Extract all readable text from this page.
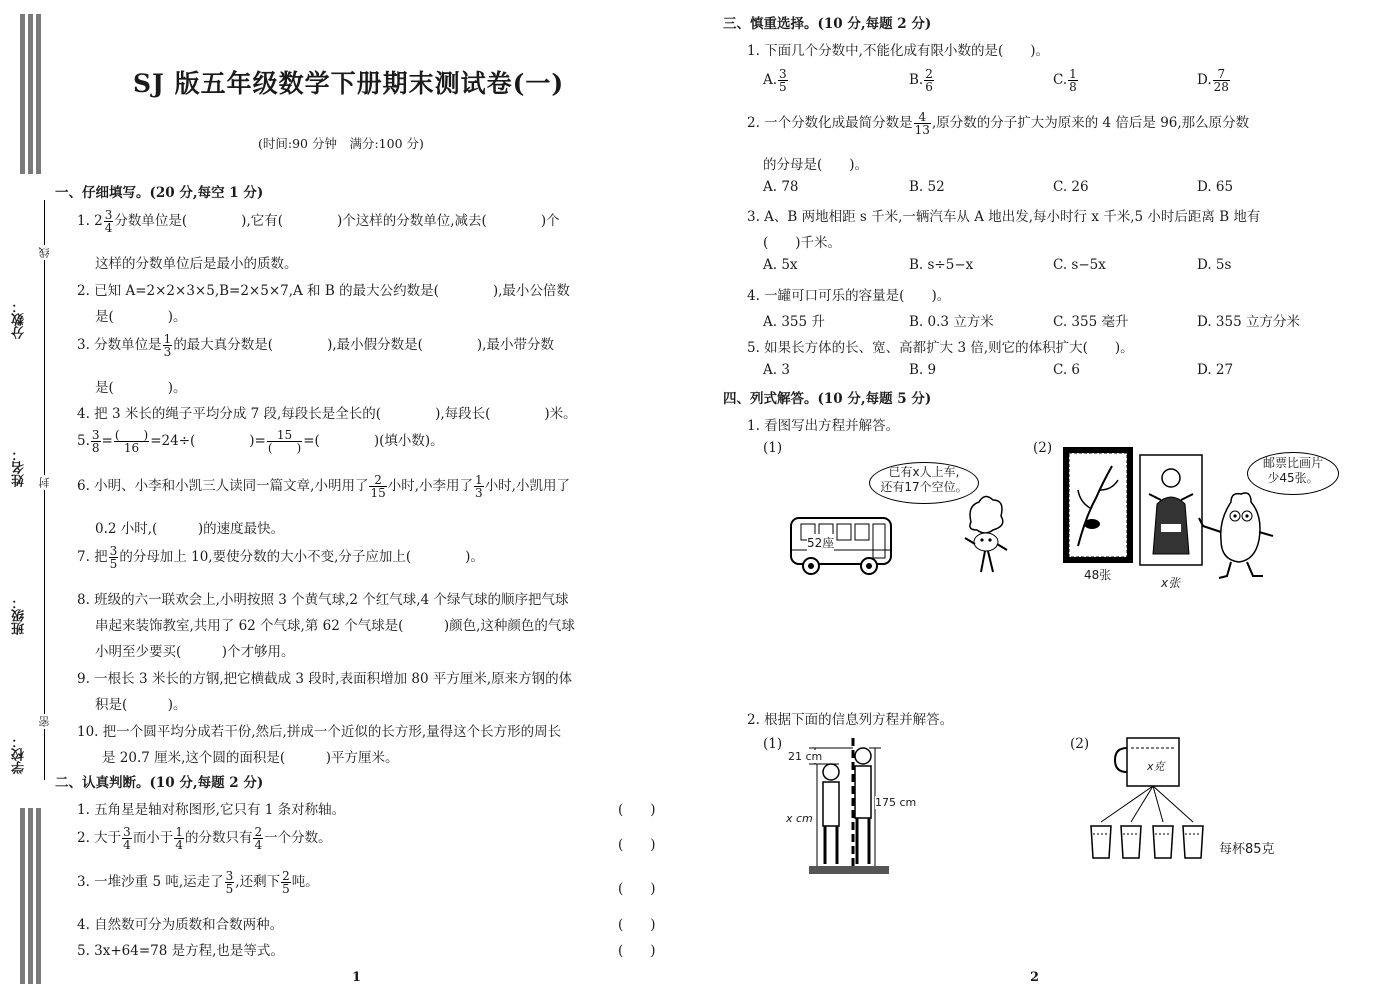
分数：
姓名：
班级：
学校：
线
封
密
SJ 版五年级数学下册期末测试卷(一)
(时间:90 分钟　满分:100 分)
一、仔细填写。(20 分,每空 1 分)
1. $2 \frac{3}{4}$ 分数单位是(　　　　),它有(　　　　)个这样的分数单位,减去(　　　　)个
这样的分数单位后是最小的质数。
2. 已知 A=2×2×3×5,B=2×5×7,A 和 B 的最大公约数是(　　　　),最小公倍数
是(　　　　)。
3. 分数单位是 $\frac{1}{3}$ 的最大真分数是(　　　　),最小假分数是(　　　　),最小带分数
是(　　　　)。
4. 把 3 米长的绳子平均分成 7 段,每段长是全长的(　　　　),每段长(　　　　)米。
5. $\frac{3}{8} = \frac{( )}{16} =24\div$(　　　　)= $\frac{15}{( )}$ =(　　　　)(填小数)。
6. 小明、小李和小凯三人读同一篇文章,小明用了 $\frac{2}{15}$ 小时,小李用了 $\frac{1}{3}$ 小时,小凯用了
0.2 小时,(　　　)的速度最快。
7. 把 $\frac{3}{5}$ 的分母加上 10,要使分数的大小不变,分子应加上(　　　　)。
8. 班级的六一联欢会上,小明按照 3 个黄气球,2 个红气球,4 个绿气球的顺序把气球
串起来装饰教室,共用了 62 个气球,第 62 个气球是(　　　)颜色,这种颜色的气球
小明至少要买(　　　)个才够用。
9. 一根长 3 米长的方钢,把它横截成 3 段时,表面积增加 80 平方厘米,原来方钢的体
积是(　　　)。
10. 把一个圆平均分成若干份,然后,拼成一个近似的长方形,量得这个长方形的周长
是 20.7 厘米,这个圆的面积是(　　　)平方厘米。
二、认真判断。(10 分,每题 2 分)
1. 五角星是轴对称图形,它只有 1 条对称轴。	(　　)
2. 大于 $\frac{3}{4}$ 而小于 $\frac{1}{4}$ 的分数只有 $\frac{2}{4}$ 一个分数。	(　　)
3. 一堆沙重 5 吨,运走了 $\frac{3}{5}$ ,还剩下 $\frac{2}{5}$ 吨。	(　　)
4. 自然数可分为质数和合数两种。	(　　)
5. 3x+64=78 是方程,也是等式。	(　　)
1
三、慎重选择。(10 分,每题 2 分)
1. 下面几个分数中,不能化成有限小数的是(　　)。
A. $\frac{3}{5}$	B. $\frac{2}{6}$	C. $\frac{1}{8}$	D. $\frac{7}{28}$
2. 一个分数化成最简分数是 $\frac{4}{13}$ ,原分数的分子扩大为原来的 4 倍后是 96,那么原分数
的分母是(　　)。
A. 78	B. 52	C. 26	D. 65
3. A、B 两地相距 s 千米,一辆汽车从 A 地出发,每小时行 x 千米,5 小时后距离 B 地有
(　　)千米。
A. 5x	B. s÷5−x	C. s−5x	D. 5s
4. 一罐可口可乐的容量是(　　)。
A. 355 升	B. 0.3 立方米	C. 355 毫升	D. 355 立方分米
5. 如果长方体的长、宽、高都扩大 3 倍,则它的体积扩大(　　)。
A. 3	B. 9	C. 6	D. 27
四、列式解答。(10 分,每题 5 分)
1. 看图写出方程并解答。
(1)	(2)
52座
已有x人上车,
还有17个空位。
48张
x张
邮票比画片
少45张。
2. 根据下面的信息列方程并解答。
(1)	(2)
21 cm
175 cm
x cm
x克
每杯85克
2
